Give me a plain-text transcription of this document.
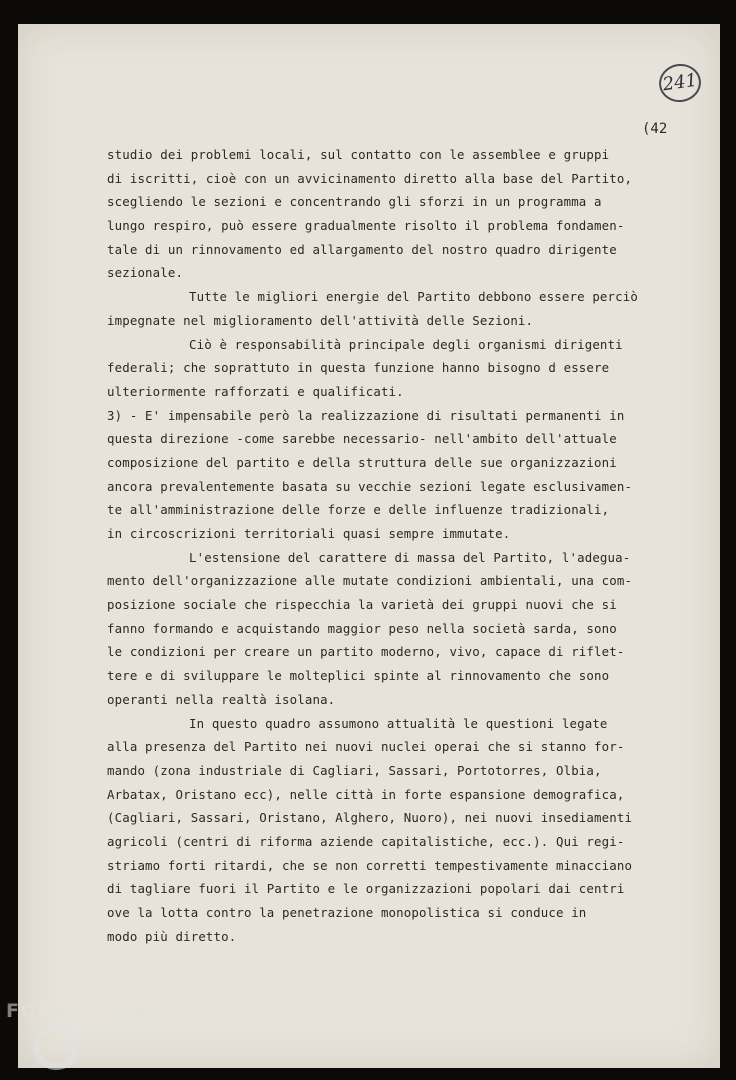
241
(42
studio dei problemi locali, sul contatto con le assemblee e gruppi
di iscritti, cioè con un avvicinamento diretto alla base del Partito,
scegliendo le sezioni e concentrando gli sforzi in un programma a
lungo respiro, può essere gradualmente risolto il problema fondamen-
tale di un rinnovamento ed allargamento del nostro quadro dirigente
sezionale.
Tutte le migliori energie del Partito debbono essere perciò
impegnate nel miglioramento dell'attività delle Sezioni.
Ciò è responsabilità principale degli organismi dirigenti
federali; che soprattuto in questa funzione hanno bisogno d essere
ulteriormente rafforzati e qualificati.
3) - E' impensabile però la realizzazione di risultati permanenti in
questa direzione -come sarebbe necessario- nell'ambito dell'attuale
composizione del partito e della struttura delle sue organizzazioni
ancora prevalentemente basata su vecchie sezioni legate esclusivamen-
te all'amministrazione delle forze e delle influenze tradizionali,
in circoscrizioni territoriali quasi sempre immutate.
L'estensione del carattere di massa del Partito, l'adegua-
mento dell'organizzazione alle mutate condizioni ambientali, una com-
posizione sociale che rispecchia la varietà dei gruppi nuovi che si
fanno formando e acquistando maggior peso nella società sarda, sono
le condizioni per creare un partito moderno, vivo, capace di riflet-
tere e di sviluppare le molteplici spinte al rinnovamento che sono
operanti nella realtà isolana.
In questo quadro assumono attualità le questioni legate
alla presenza del Partito nei nuovi nuclei operai che si stanno for-
mando (zona industriale di Cagliari, Sassari, Portotorres, Olbia,
Arbatax, Oristano ecc), nelle città in forte espansione demografica,
(Cagliari, Sassari, Oristano, Alghero, Nuoro), nei nuovi insediamenti
agricoli (centri di riforma aziende capitalistiche, ecc.). Qui regi-
striamo forti ritardi, che se non corretti tempestivamente minacciano
di tagliare fuori il Partito e le organizzazioni popolari dai centri
ove la lotta contro la penetrazione monopolistica si conduce in
modo più diretto.
FONDAZIONE
RAMSCI
onlus
